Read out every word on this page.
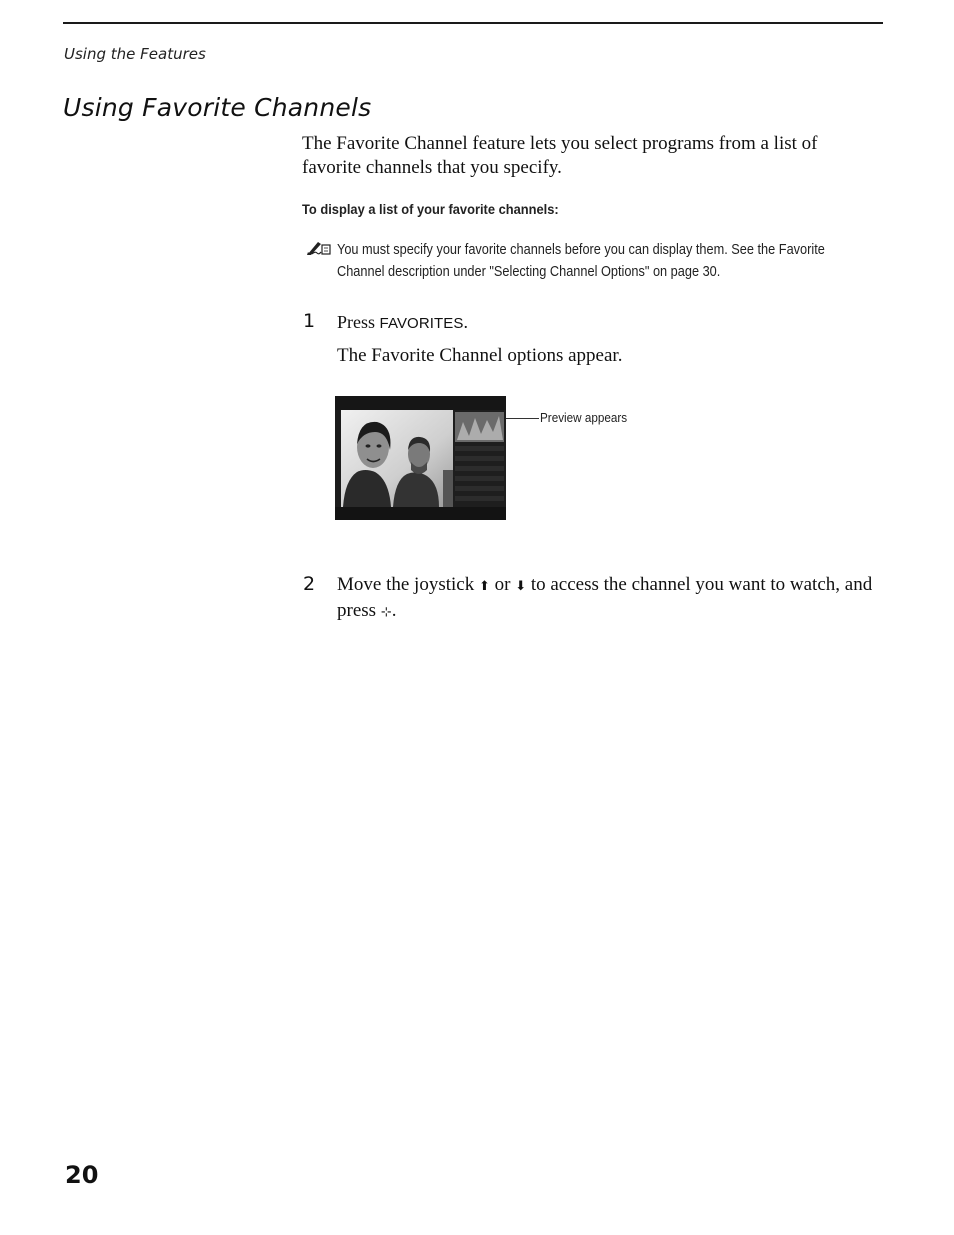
Using the Features
Using Favorite Channels

The Favorite Channel feature lets you select programs from a list of favorite channels that you specify.

To display a list of your favorite channels:

You must specify your favorite channels before you can display them. See the Favorite Channel description under "Selecting Channel Options" on page 30.

1 Press FAVORITES.
The Favorite Channel options appear.
Preview appears
2 Move the joystick ⬆ or ⬇ to access the channel you want to watch, and press ⊹.

20
